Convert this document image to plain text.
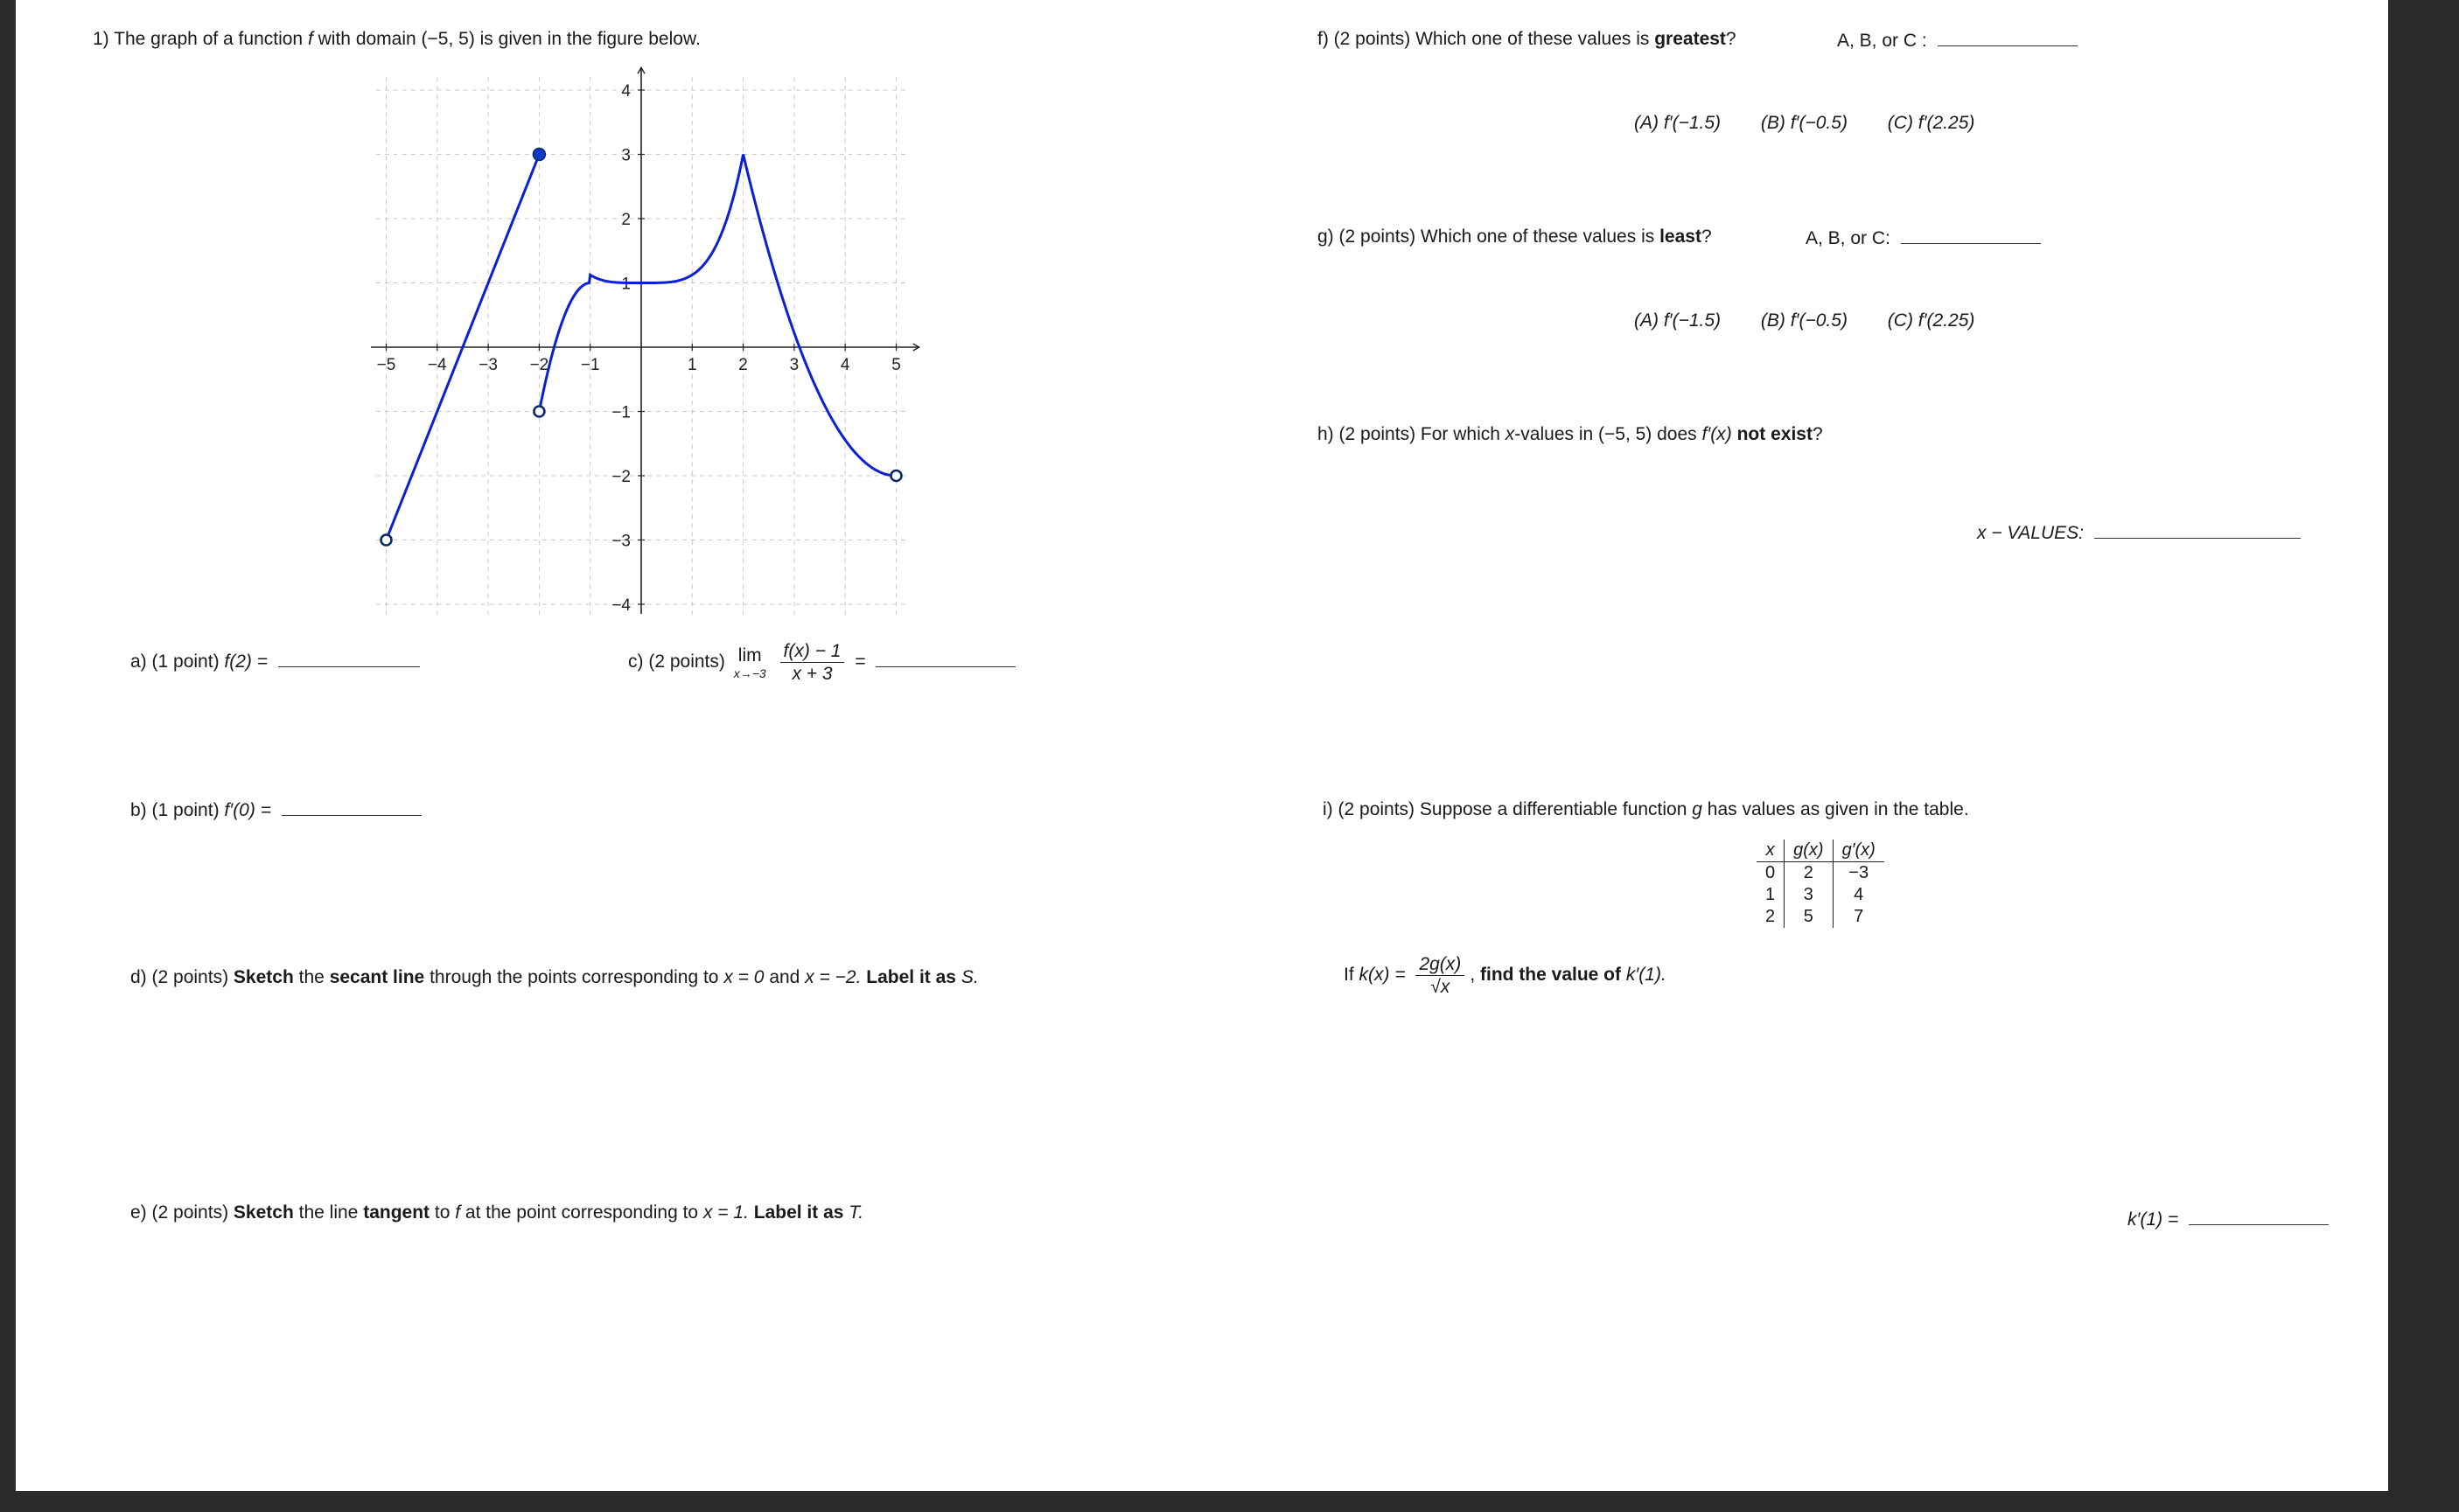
1) The graph of a function f with domain (−5, 5) is given in the figure below.
−5 −4 −3 −2 −1	1	2	3	4	5
4
3
2
1
−1
−2
−3
−4
a) (1 point) f(2) =	c) (2 points) lim
x→−3
$\frac{f(x) - 1}{x + 3}$ =
b) (1 point) f′(0) =
d) (2 points) Sketch the secant line through the points corresponding to x = 0 and x = −2. Label it as S.
e) (2 points) Sketch the line tangent to f at the point corresponding to x = 1. Label it as T.
f) (2 points) Which one of these values is greatest?	A, B, or C :
(A) f′(−1.5) (B) f′(−0.5) (C) f′(2.25)
g) (2 points) Which one of these values is least?	A, B, or C:
(A) f′(−1.5) (B) f′(−0.5) (C) f′(2.25)
h) (2 points) For which x-values in (−5, 5) does f′(x) not exist?
x − VALUES:
i) (2 points) Suppose a differentiable function g has values as given in the table.
x	g(x)	g′(x)
0	2	−3
1	3	4
2	5	7
If $k(x) = \frac{2g(x)}{√x}$ , find the value of k′(1).
k′(1) =
